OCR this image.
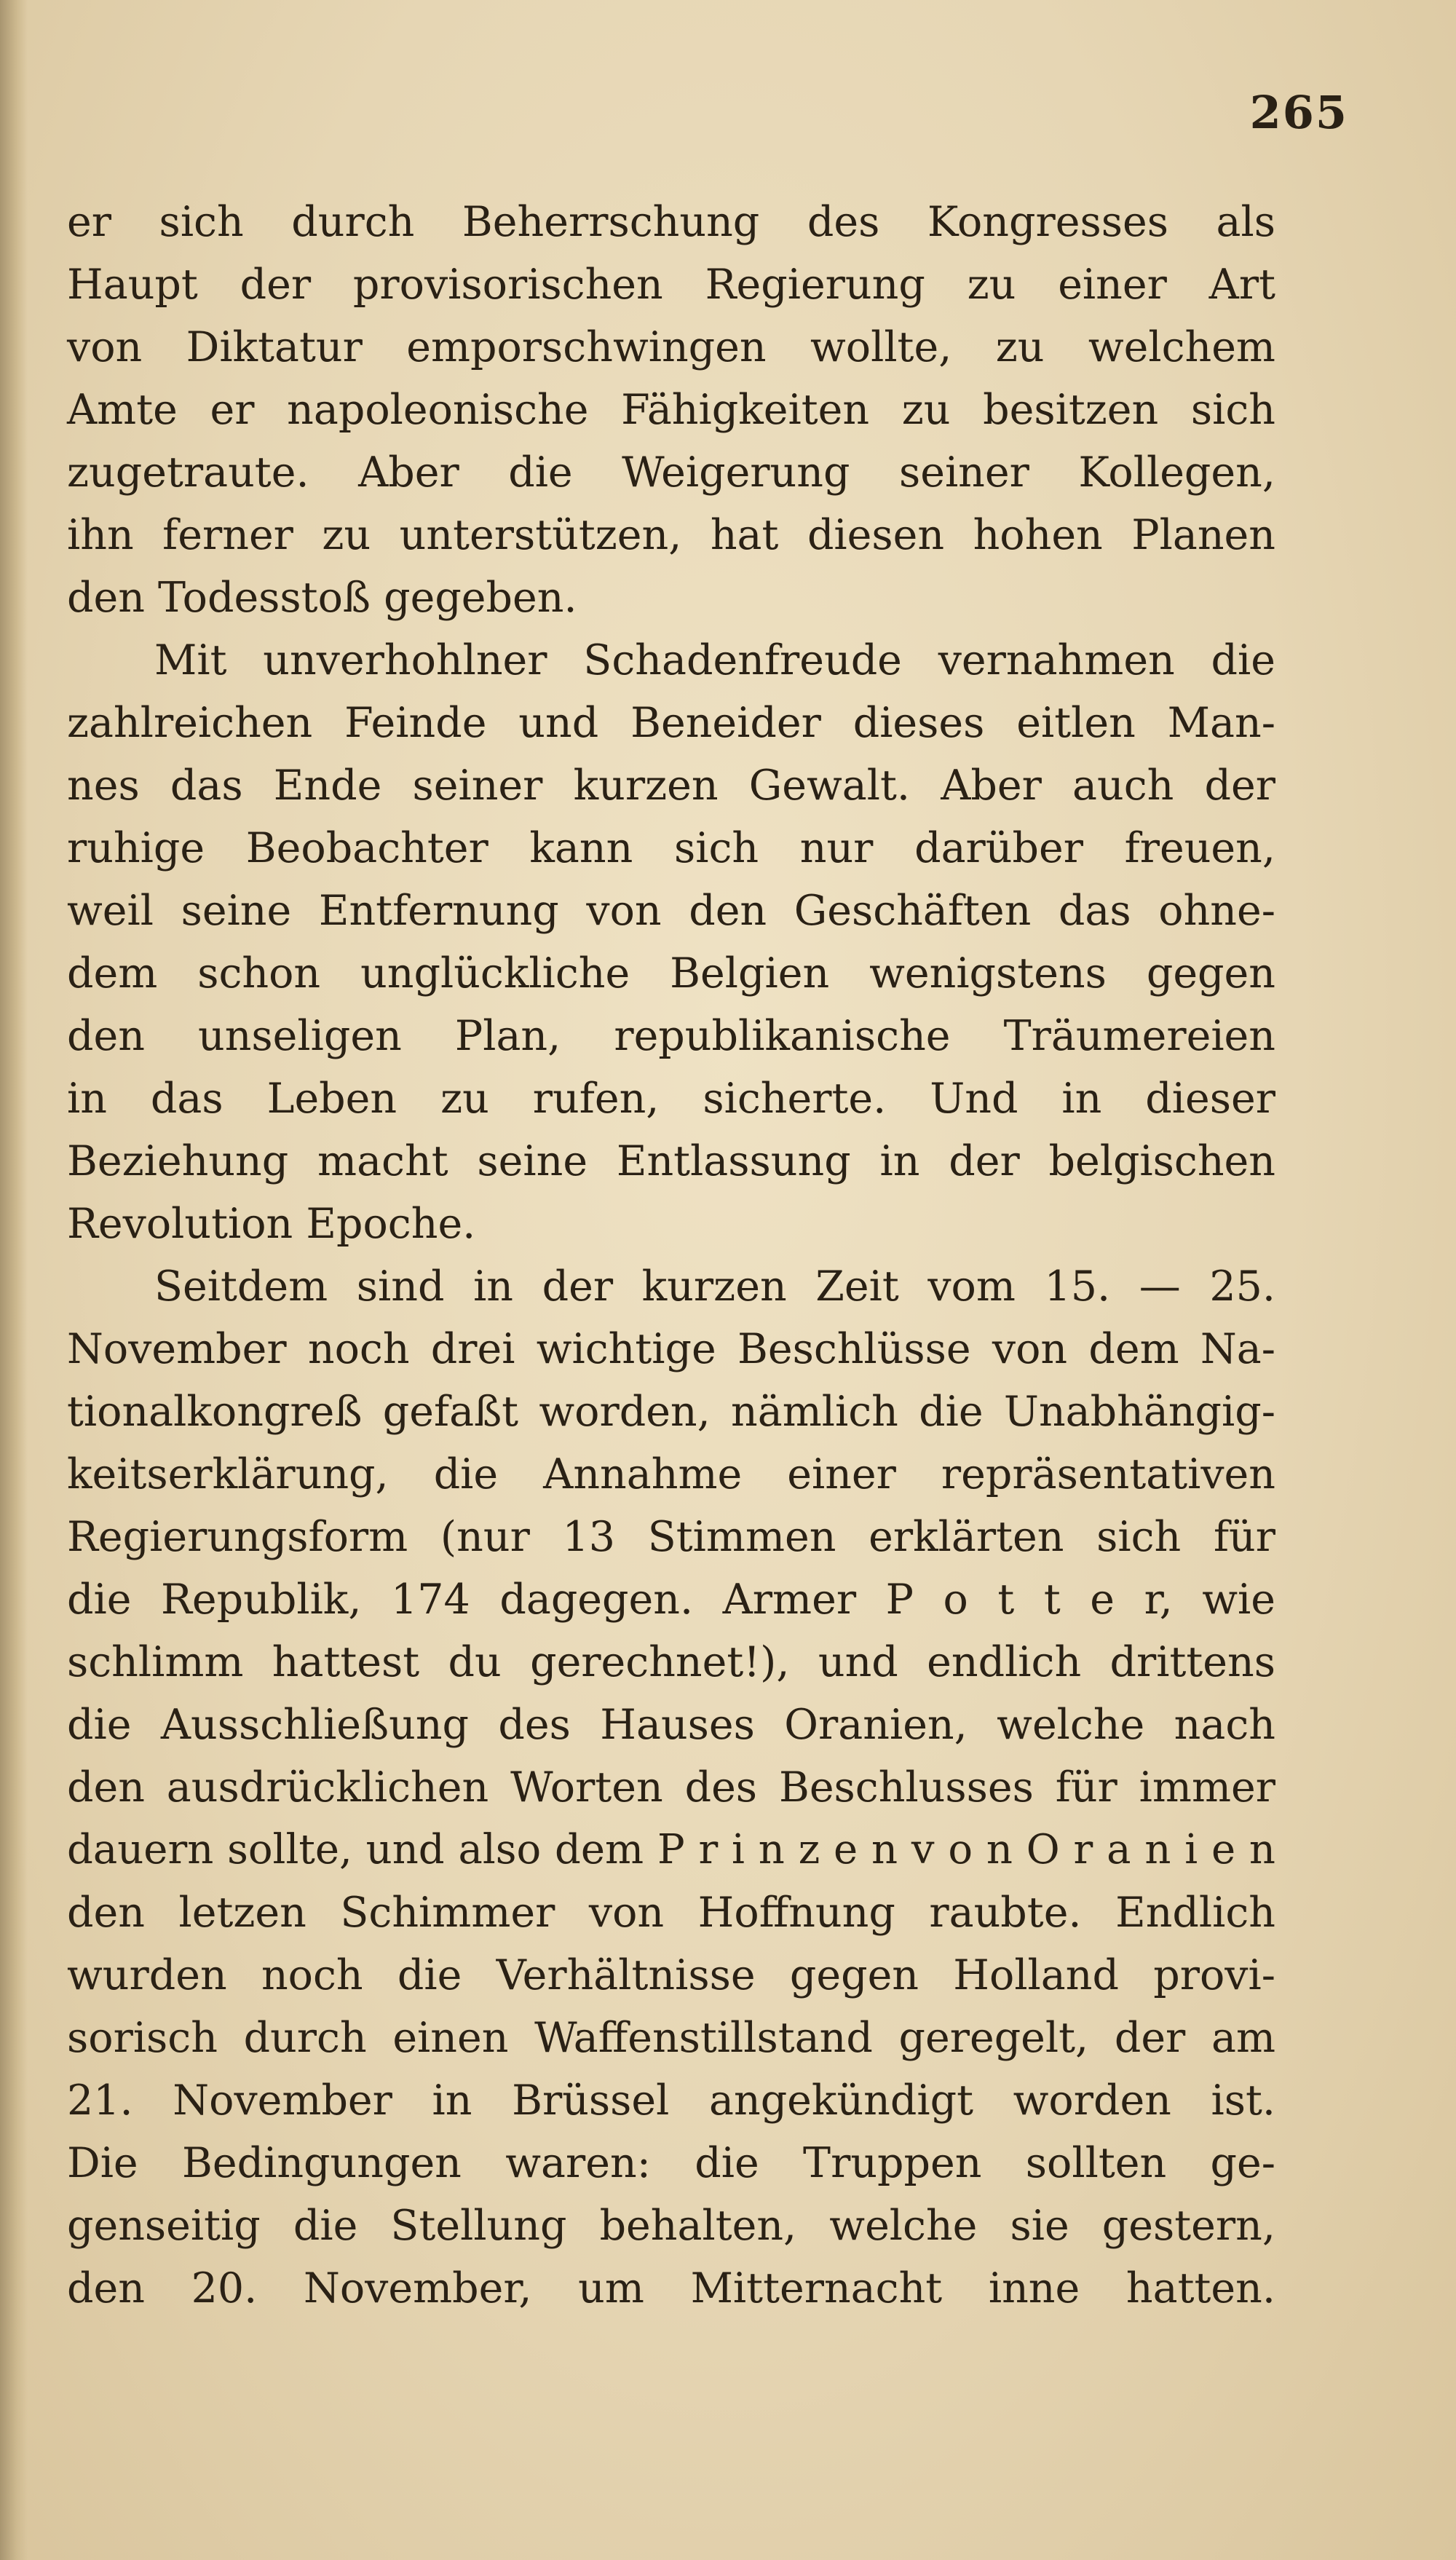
265
er sich durch Beherrschung des Kongresses als
Haupt der provisorischen Regierung zu einer Art
von Diktatur emporschwingen wollte, zu welchem
Amte er napoleonische Fähigkeiten zu besitzen sich
zugetraute. Aber die Weigerung seiner Kollegen,
ihn ferner zu unterstützen, hat diesen hohen Planen
den Todesstoß gegeben.
Mit unverhohlner Schadenfreude vernahmen die
zahlreichen Feinde und Beneider dieses eitlen Man-
nes das Ende seiner kurzen Gewalt. Aber auch der
ruhige Beobachter kann sich nur darüber freuen,
weil seine Entfernung von den Geschäften das ohne-
dem schon unglückliche Belgien wenigstens gegen
den unseligen Plan, republikanische Träumereien
in das Leben zu rufen, sicherte. Und in dieser
Beziehung macht seine Entlassung in der belgischen
Revolution Epoche.
Seitdem sind in der kurzen Zeit vom 15. — 25.
November noch drei wichtige Beschlüsse von dem Na-
tionalkongreß gefaßt worden, nämlich die Unabhängig-
keitserklärung, die Annahme einer repräsentativen
Regierungsform (nur 13 Stimmen erklärten sich für
die Republik, 174 dagegen. Armer P o t t e r, wie
schlimm hattest du gerechnet!), und endlich drittens
die Ausschließung des Hauses Oranien, welche nach
den ausdrücklichen Worten des Beschlusses für immer
dauern sollte, und also dem P r i n z e n v o n O r a n i e n
den letzen Schimmer von Hoffnung raubte. Endlich
wurden noch die Verhältnisse gegen Holland provi-
sorisch durch einen Waffenstillstand geregelt, der am
21. November in Brüssel angekündigt worden ist.
Die Bedingungen waren: die Truppen sollten ge-
genseitig die Stellung behalten, welche sie gestern,
den 20. November, um Mitternacht inne hatten.
